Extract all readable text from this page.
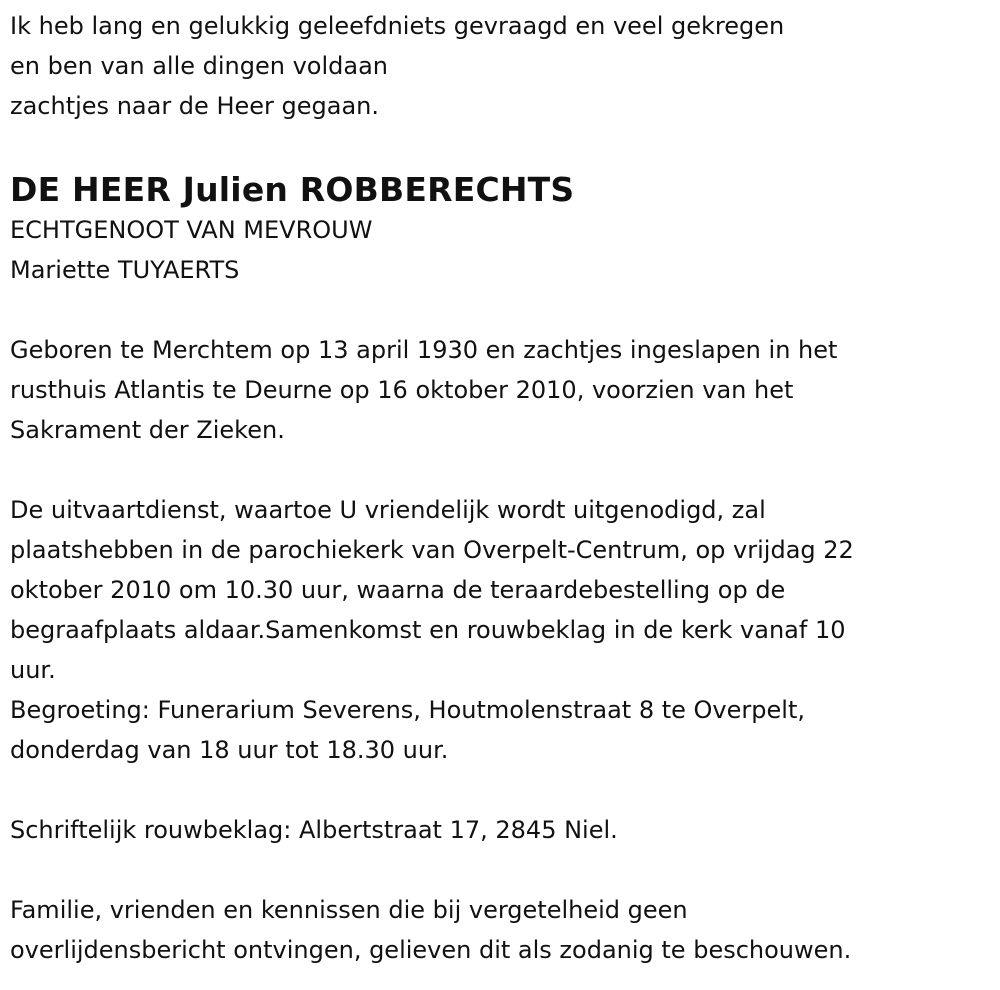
Ik heb lang en gelukkig geleefdniets gevraagd en veel gekregen

en ben van alle dingen voldaan

zachtjes naar de Heer gegaan.

DE HEER Julien ROBBERECHTS

ECHTGENOOT VAN MEVROUW

Mariette TUYAERTS

Geboren te Merchtem op 13 april 1930 en zachtjes ingeslapen in het

rusthuis Atlantis te Deurne op 16 oktober 2010, voorzien van het

Sakrament der Zieken.

De uitvaartdienst, waartoe U vriendelijk wordt uitgenodigd, zal

plaatshebben in de parochiekerk van Overpelt-Centrum, op vrijdag 22

oktober 2010 om 10.30 uur, waarna de teraardebestelling op de

begraafplaats aldaar.Samenkomst en rouwbeklag in de kerk vanaf 10

uur.

Begroeting: Funerarium Severens, Houtmolenstraat 8 te Overpelt,

donderdag van 18 uur tot 18.30 uur.

Schriftelijk rouwbeklag: Albertstraat 17, 2845 Niel.

Familie, vrienden en kennissen die bij vergetelheid geen

overlijdensbericht ontvingen, gelieven dit als zodanig te beschouwen.
